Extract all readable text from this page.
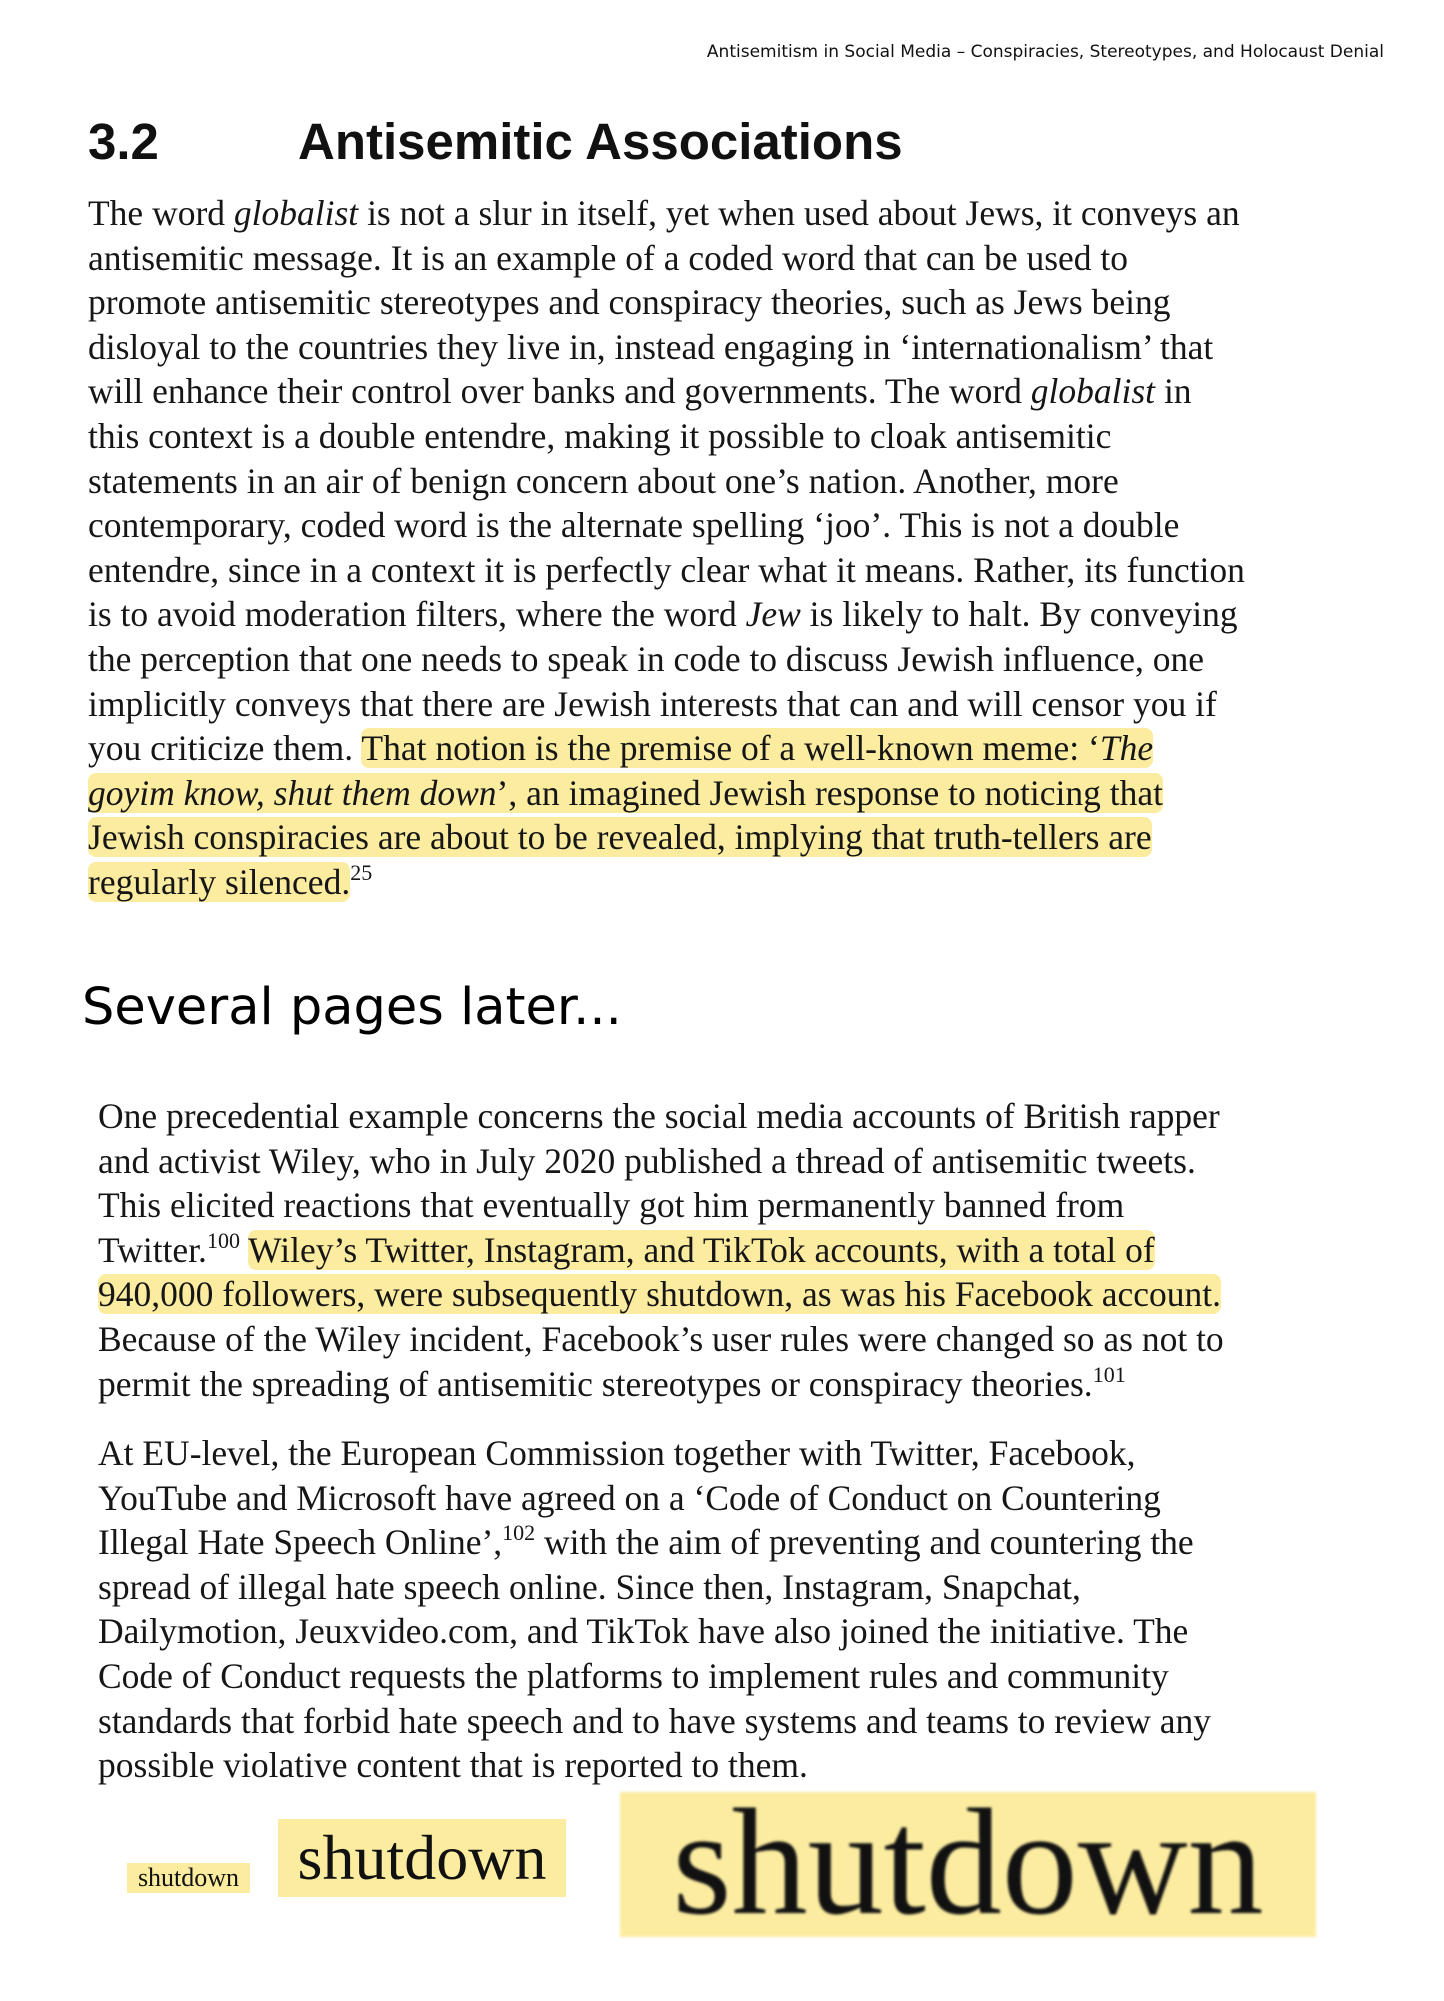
Antisemitism in Social Media – Conspiracies, Stereotypes, and Holocaust Denial
3.2	Antisemitic Associations
The word globalist is not a slur in itself, yet when used about Jews, it conveys an
antisemitic message. It is an example of a coded word that can be used to
promote antisemitic stereotypes and conspiracy theories, such as Jews being
disloyal to the countries they live in, instead engaging in ‘internationalism’ that
will enhance their control over banks and governments. The word globalist in
this context is a double entendre, making it possible to cloak antisemitic
statements in an air of benign concern about one’s nation. Another, more
contemporary, coded word is the alternate spelling ‘joo’. This is not a double
entendre, since in a context it is perfectly clear what it means. Rather, its function
is to avoid moderation filters, where the word Jew is likely to halt. By conveying
the perception that one needs to speak in code to discuss Jewish influence, one
implicitly conveys that there are Jewish interests that can and will censor you if
you criticize them. That notion is the premise of a well-known meme: ‘The
goyim know, shut them down’, an imagined Jewish response to noticing that
Jewish conspiracies are about to be revealed, implying that truth-tellers are
regularly silenced.$^{25}$
Several pages later...
One precedential example concerns the social media accounts of British rapper
and activist Wiley, who in July 2020 published a thread of antisemitic tweets.
This elicited reactions that eventually got him permanently banned from
Twitter.$^{100}$ Wiley’s Twitter, Instagram, and TikTok accounts, with a total of
940,000 followers, were subsequently shutdown, as was his Facebook account.
Because of the Wiley incident, Facebook’s user rules were changed so as not to
permit the spreading of antisemitic stereotypes or conspiracy theories.$^{101}$
At EU-level, the European Commission together with Twitter, Facebook,
YouTube and Microsoft have agreed on a ‘Code of Conduct on Countering
Illegal Hate Speech Online’,$^{102}$ with the aim of preventing and countering the
spread of illegal hate speech online. Since then, Instagram, Snapchat,
Dailymotion, Jeuxvideo.com, and TikTok have also joined the initiative. The
Code of Conduct requests the platforms to implement rules and community
standards that forbid hate speech and to have systems and teams to review any
possible violative content that is reported to them.
shutdown shutdown shutdown
